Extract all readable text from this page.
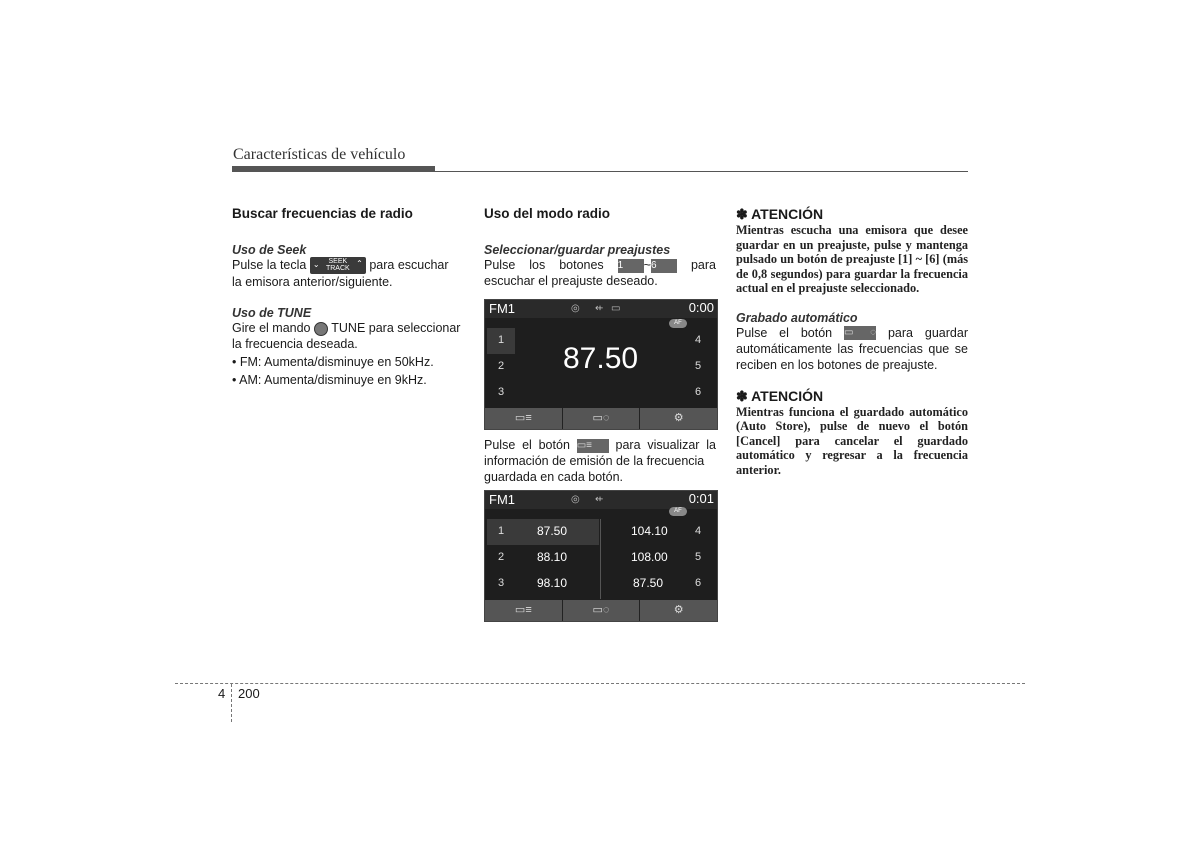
Características de vehículo
Buscar frecuencias de radio
Uso de Seek
Pulse la tecla ⌄	SEEK
TRACK
⌃ para escuchar
la emisora anterior/siguiente.
Uso de TUNE
Gire el mando TUNE para seleccionar
la frecuencia deseada.
• FM: Aumenta/disminuye en 50kHz.
• AM: Aumenta/disminuye en 9kHz.
Uso del modo radio
Seleccionar/guardar preajustes
Pulse los botones 1 ~6	para
escuchar el preajuste deseado.
FM1	◎ ⇷ ▭	0:00
AF
1
2
3
4
5
6
87.50
▭≡	▭◌	⚙
Pulse el botón ▭≡ para visualizar la
información de emisión de la frecuencia
guardada en cada botón.
FM1	◎ ⇷	0:01
AF
1	87.50	104.10 4
2	88.10	108.00 5
3	98.10	87.50	6
▭≡	▭◌	⚙
✽ ATENCIÓN
Mientras escucha una emisora que desee guardar en un preajuste, pulse y mantenga pulsado un botón de preajuste [1] ~ [6] (más de 0,8 segundos) para guardar la frecuencia actual en el preajuste seleccionado.
Grabado automático
Pulse el botón ▭◌ para guardar
automáticamente las frecuencias que se reciben en los botones de preajuste.
✽ ATENCIÓN
Mientras funciona el guardado automático (Auto Store), pulse de nuevo el botón [Cancel] para cancelar el guardado automático y regresar a la frecuencia anterior.
4 200
